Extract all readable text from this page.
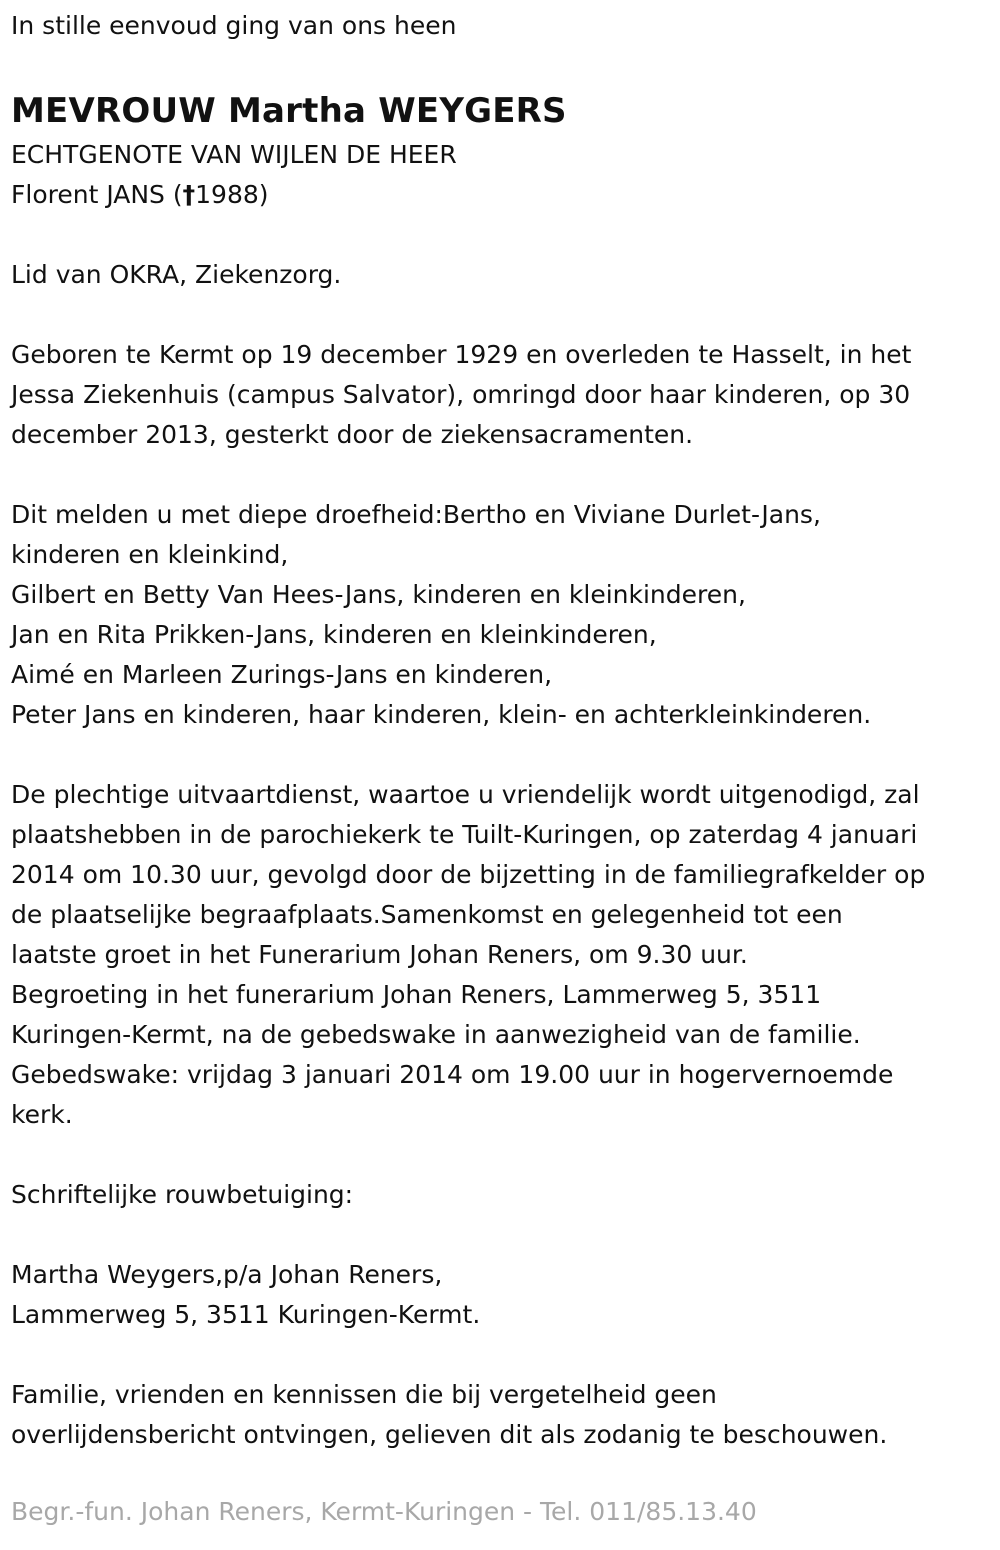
In stille eenvoud ging van ons heen

MEVROUW Martha WEYGERS

ECHTGENOTE VAN WIJLEN DE HEER

Florent JANS (†1988)

Lid van OKRA, Ziekenzorg.

Geboren te Kermt op 19 december 1929 en overleden te Hasselt, in het

Jessa Ziekenhuis (campus Salvator), omringd door haar kinderen, op 30

december 2013, gesterkt door de ziekensacramenten.

Dit melden u met diepe droefheid:Bertho en Viviane Durlet-Jans,

kinderen en kleinkind,

Gilbert en Betty Van Hees-Jans, kinderen en kleinkinderen,

Jan en Rita Prikken-Jans, kinderen en kleinkinderen,

Aimé en Marleen Zurings-Jans en kinderen,

Peter Jans en kinderen, haar kinderen, klein- en achterkleinkinderen.

De plechtige uitvaartdienst, waartoe u vriendelijk wordt uitgenodigd, zal

plaatshebben in de parochiekerk te Tuilt-Kuringen, op zaterdag 4 januari

2014 om 10.30 uur, gevolgd door de bijzetting in de familiegrafkelder op

de plaatselijke begraafplaats.Samenkomst en gelegenheid tot een

laatste groet in het Funerarium Johan Reners, om 9.30 uur.

Begroeting in het funerarium Johan Reners, Lammerweg 5, 3511

Kuringen-Kermt, na de gebedswake in aanwezigheid van de familie.

Gebedswake: vrijdag 3 januari 2014 om 19.00 uur in hogervernoemde

kerk.

Schriftelijke rouwbetuiging:

Martha Weygers,p/a Johan Reners,

Lammerweg 5, 3511 Kuringen-Kermt.

Familie, vrienden en kennissen die bij vergetelheid geen

overlijdensbericht ontvingen, gelieven dit als zodanig te beschouwen.

Begr.-fun. Johan Reners, Kermt-Kuringen - Tel. 011/85.13.40
